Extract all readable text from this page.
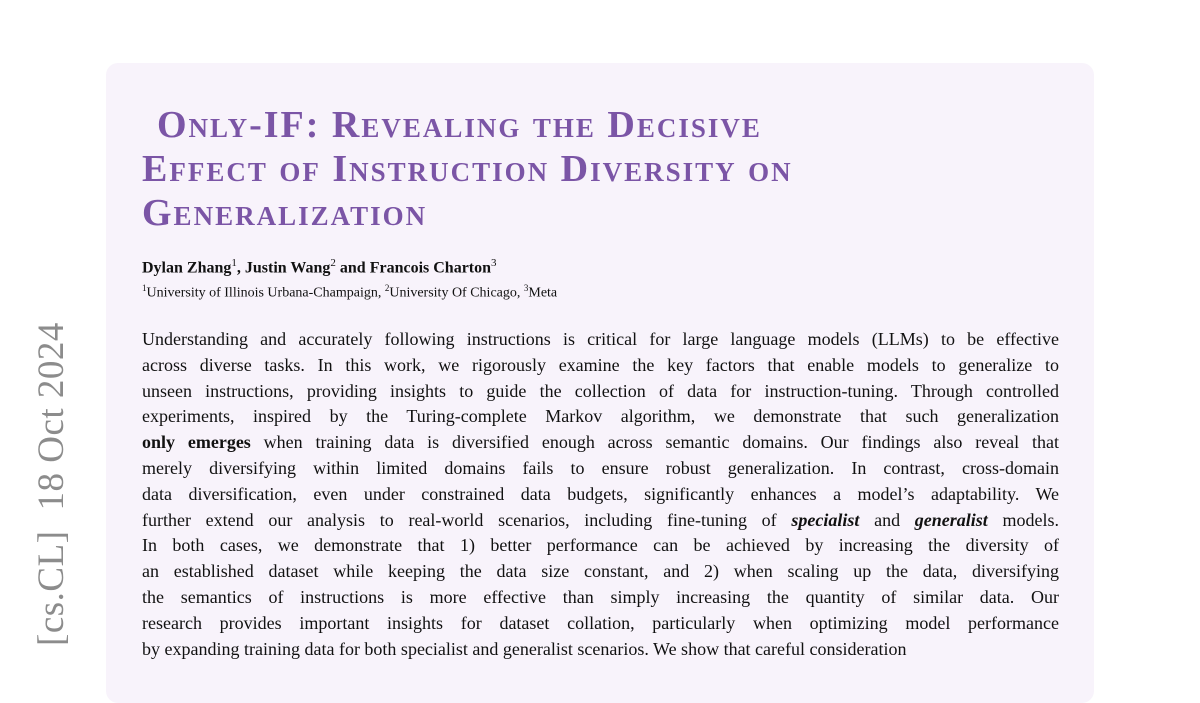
[cs.CL]18 Oct 2024
Only-IF: Revealing the Decisive
Effect of Instruction Diversity on
Generalization
Dylan Zhang$^1$, Justin Wang$^2$ and Francois Charton$^3$
$^1$University of Illinois Urbana-Champaign, $^2$University Of Chicago, $^3$Meta
Understanding and accurately following instructions is critical for large language models (LLMs) to be effective
across diverse tasks. In this work, we rigorously examine the key factors that enable models to generalize to
unseen instructions, providing insights to guide the collection of data for instruction-tuning. Through controlled
experiments, inspired by the Turing-complete Markov algorithm, we demonstrate that such generalization
only emerges when training data is diversified enough across semantic domains. Our findings also reveal that
merely diversifying within limited domains fails to ensure robust generalization. In contrast, cross-domain
data diversification, even under constrained data budgets, significantly enhances a model’s adaptability. We
further extend our analysis to real-world scenarios, including fine-tuning of specialist and generalist models.
In both cases, we demonstrate that 1) better performance can be achieved by increasing the diversity of
an established dataset while keeping the data size constant, and 2) when scaling up the data, diversifying
the semantics of instructions is more effective than simply increasing the quantity of similar data. Our
research provides important insights for dataset collation, particularly when optimizing model performance
by expanding training data for both specialist and generalist scenarios. We show that careful consideration
